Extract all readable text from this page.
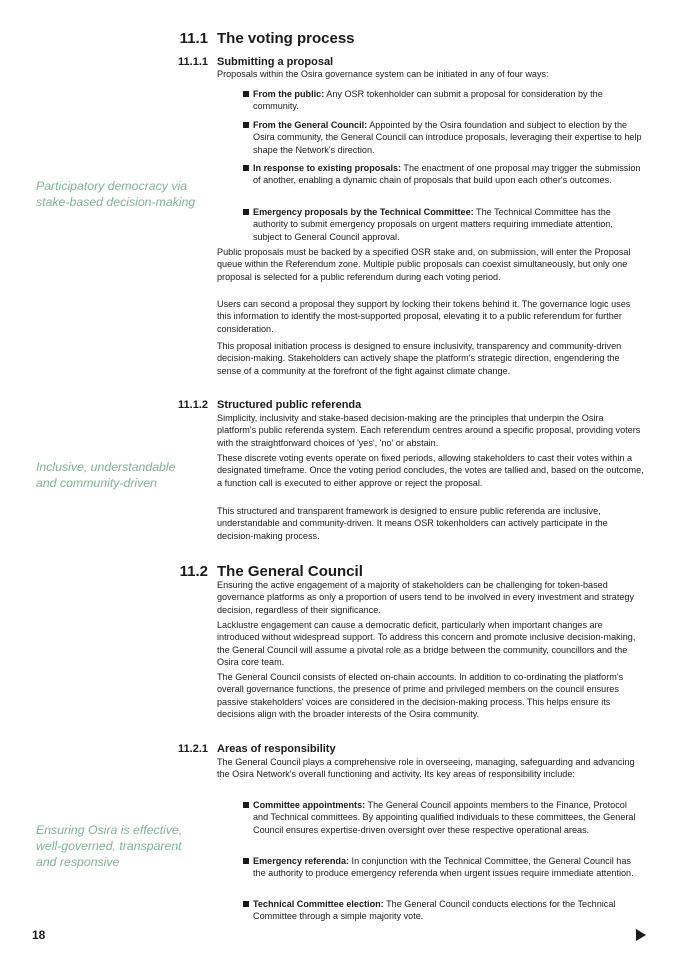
Participatory democracy via stake-based decision-making
Inclusive, understandable and community-driven
Ensuring Osira is effective, well-governed, transparent and responsive
11.1 The voting process
11.1.1 Submitting a proposal

Proposals within the Osira governance system can be initiated in any of four ways:

From the public: Any OSR tokenholder can submit a proposal for consideration by the community.
From the General Council: Appointed by the Osira foundation and subject to election by the Osira community, the General Council can introduce proposals, leveraging their expertise to help shape the Network's direction.
In response to existing proposals: The enactment of one proposal may trigger the submission of another, enabling a dynamic chain of proposals that build upon each other's outcomes.
Emergency proposals by the Technical Committee: The Technical Committee has the authority to submit emergency proposals on urgent matters requiring immediate attention, subject to General Council approval.

Public proposals must be backed by a specified OSR stake and, on submission, will enter the Proposal queue within the Referendum zone. Multiple public proposals can coexist simultaneously, but only one proposal is selected for a public referendum during each voting period.

Users can second a proposal they support by locking their tokens behind it. The governance logic uses this information to identify the most-supported proposal, elevating it to a public referendum for further consideration.

This proposal initiation process is designed to ensure inclusivity, transparency and community-driven decision-making. Stakeholders can actively shape the platform's strategic direction, engendering the sense of a community at the forefront of the fight against climate change.

11.1.2 Structured public referenda

Simplicity, inclusivity and stake-based decision-making are the principles that underpin the Osira platform's public referenda system. Each referendum centres around a specific proposal, providing voters with the straightforward choices of 'yes', 'no' or abstain.

These discrete voting events operate on fixed periods, allowing stakeholders to cast their votes within a designated timeframe. Once the voting period concludes, the votes are tallied and, based on the outcome, a function call is executed to either approve or reject the proposal.

This structured and transparent framework is designed to ensure public referenda are inclusive, understandable and community-driven. It means OSR tokenholders can actively participate in the decision-making process.

11.2 The General Council

Ensuring the active engagement of a majority of stakeholders can be challenging for token-based governance platforms as only a proportion of users tend to be involved in every investment and strategy decision, regardless of their significance.

Lacklustre engagement can cause a democratic deficit, particularly when important changes are introduced without widespread support. To address this concern and promote inclusive decision-making, the General Council will assume a pivotal role as a bridge between the community, councillors and the Osira core team.

The General Council consists of elected on-chain accounts. In addition to co-ordinating the platform's overall governance functions, the presence of prime and privileged members on the council ensures passive stakeholders' voices are considered in the decision-making process. This helps ensure its decisions align with the broader interests of the Osira community.

11.2.1 Areas of responsibility

The General Council plays a comprehensive role in overseeing, managing, safeguarding and advancing the Osira Network's overall functioning and activity. Its key areas of responsibility include:

Committee appointments: The General Council appoints members to the Finance, Protocol and Technical committees. By appointing qualified individuals to these committees, the General Council ensures expertise-driven oversight over these respective operational areas.
Emergency referenda: In conjunction with the Technical Committee, the General Council has the authority to produce emergency referenda when urgent issues require immediate attention.
Technical Committee election: The General Council conducts elections for the Technical Committee through a simple majority vote.
18
